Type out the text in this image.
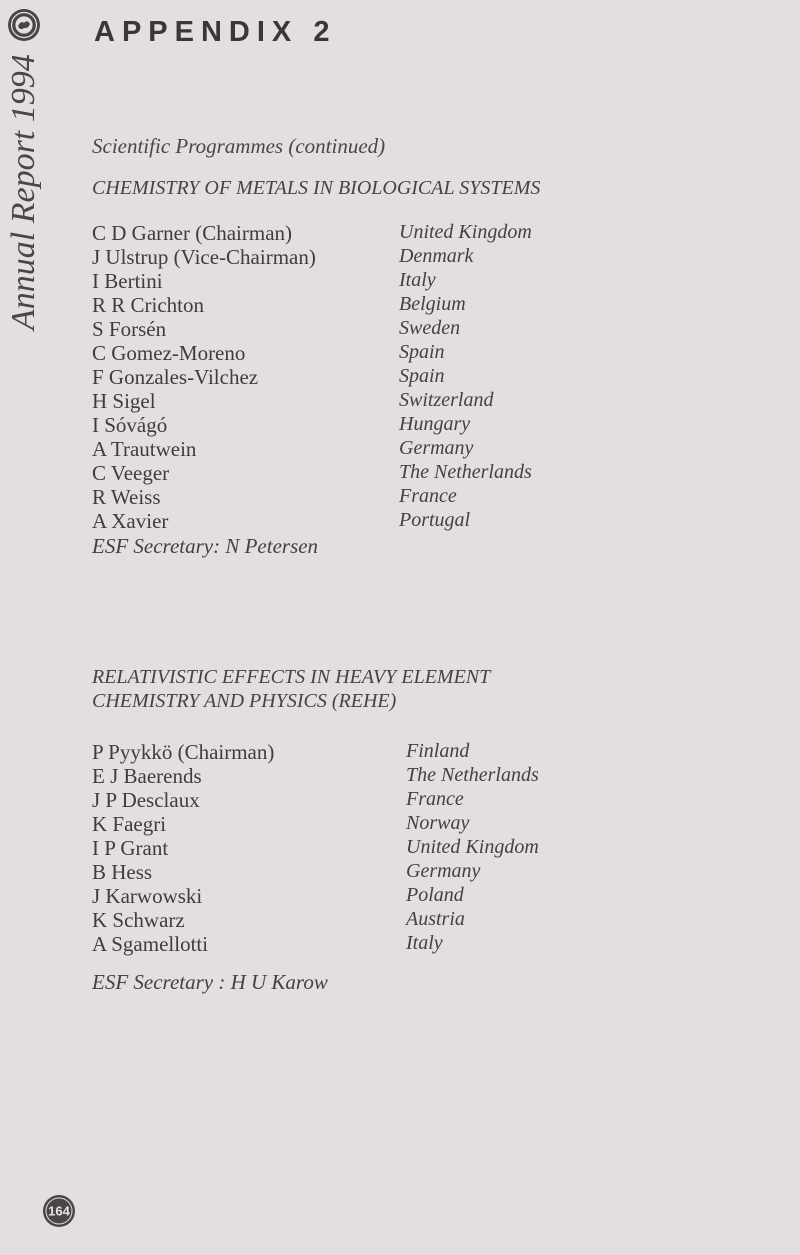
Annual Report 1994
164
APPENDIX 2
Scientific Programmes (continued)
CHEMISTRY OF METALS IN BIOLOGICAL SYSTEMS
C D Garner (Chairman)	United Kingdom
J Ulstrup (Vice-Chairman)	Denmark
I Bertini	Italy
R R Crichton	Belgium
S Forsén	Sweden
C Gomez-Moreno	Spain
F Gonzales-Vilchez	Spain
H Sigel	Switzerland
I Sóvágó	Hungary
A Trautwein	Germany
C Veeger	The Netherlands
R Weiss	France
A Xavier	Portugal
ESF Secretary: N Petersen
RELATIVISTIC EFFECTS IN HEAVY ELEMENT
CHEMISTRY AND PHYSICS (REHE)
P Pyykkö (Chairman)	Finland
E J Baerends	The Netherlands
J P Desclaux	France
K Faegri	Norway
I P Grant	United Kingdom
B Hess	Germany
J Karwowski	Poland
K Schwarz	Austria
A Sgamellotti	Italy
ESF Secretary : H U Karow
